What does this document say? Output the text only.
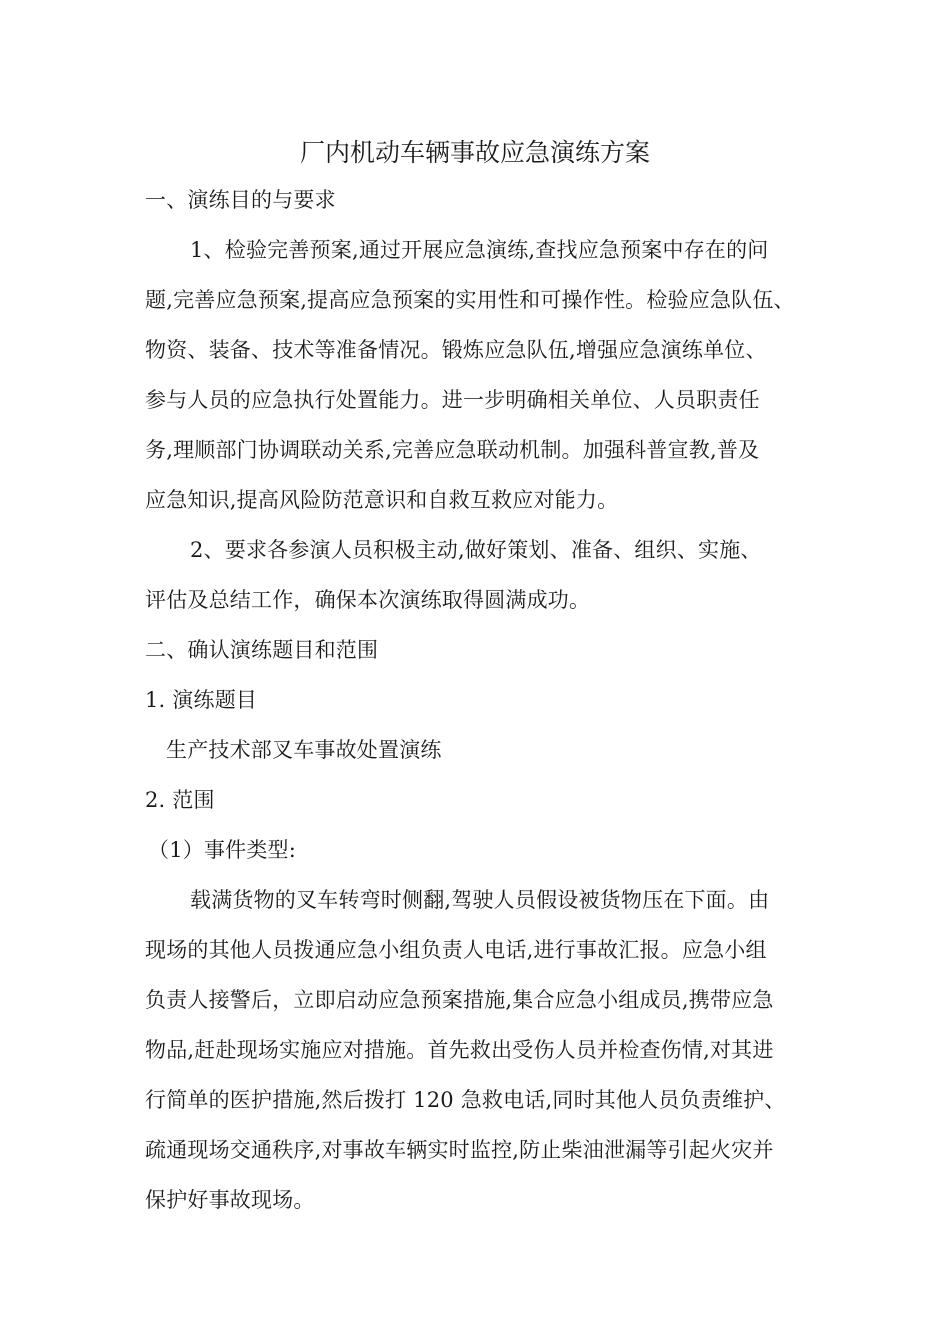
厂内机动车辆事故应急演练方案
一、演练目的与要求
1、检验完善预案,通过开展应急演练,查找应急预案中存在的问
题,完善应急预案,提高应急预案的实用性和可操作性。检验应急队伍、
物资、装备、技术等准备情况。锻炼应急队伍,增强应急演练单位、
参与人员的应急执行处置能力。进一步明确相关单位、人员职责任
务,理顺部门协调联动关系,完善应急联动机制。加强科普宣教,普及
应急知识,提高风险防范意识和自救互救应对能力。
2、要求各参演人员积极主动,做好策划、准备、组织、实施、
评估及总结工作，确保本次演练取得圆满成功。
二、确认演练题目和范围
1. 演练题目
生产技术部叉车事故处置演练
2. 范围
（1）事件类型:
载满货物的叉车转弯时侧翻,驾驶人员假设被货物压在下面。由
现场的其他人员拨通应急小组负责人电话,进行事故汇报。应急小组
负责人接警后，立即启动应急预案措施,集合应急小组成员,携带应急
物品,赶赴现场实施应对措施。首先救出受伤人员并检查伤情,对其进
行简单的医护措施,然后拨打 120 急救电话,同时其他人员负责维护、
疏通现场交通秩序,对事故车辆实时监控,防止柴油泄漏等引起火灾并
保护好事故现场。
